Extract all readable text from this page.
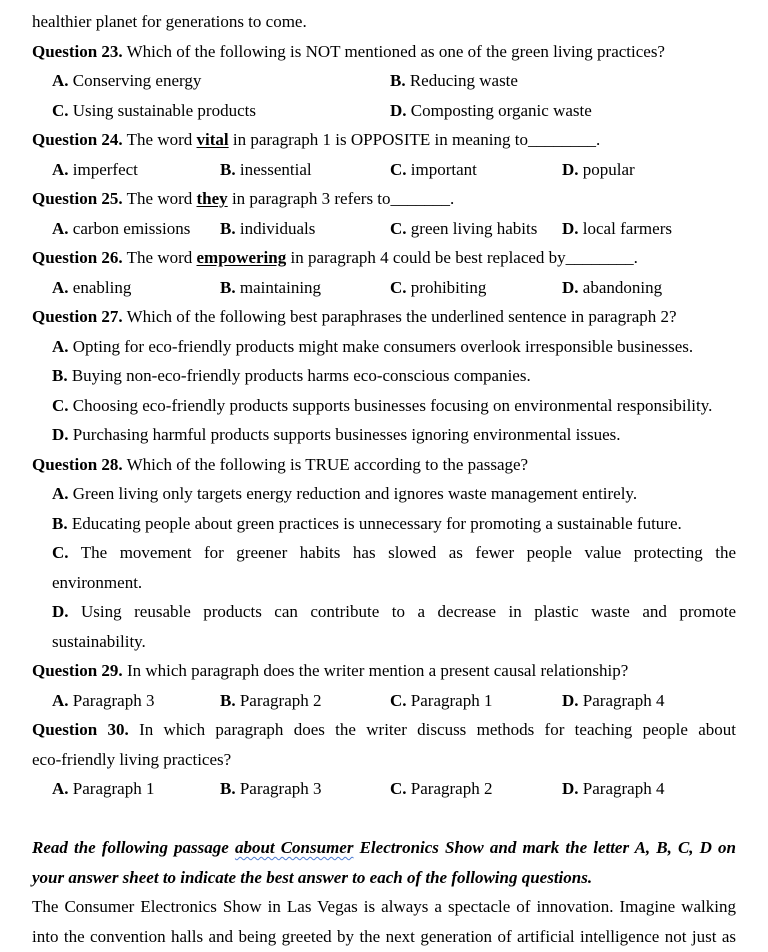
healthier planet for generations to come.
Question 23. Which of the following is NOT mentioned as one of the green living practices?
A. Conserving energy	B. Reducing waste
C. Using sustainable products	D. Composting organic waste
Question 24. The word vital in paragraph 1 is OPPOSITE in meaning to________.
A. imperfect	B. inessential	C. important	D. popular
Question 25. The word they in paragraph 3 refers to_______.
A. carbon emissions B. individuals	C. green living habits D. local farmers
Question 26. The word empowering in paragraph 4 could be best replaced by________.
A. enabling	B. maintaining	C. prohibiting	D. abandoning
Question 27. Which of the following best paraphrases the underlined sentence in paragraph 2?
A. Opting for eco-friendly products might make consumers overlook irresponsible businesses.
B. Buying non-eco-friendly products harms eco-conscious companies.
C. Choosing eco-friendly products supports businesses focusing on environmental responsibility.
D. Purchasing harmful products supports businesses ignoring environmental issues.
Question 28. Which of the following is TRUE according to the passage?
A. Green living only targets energy reduction and ignores waste management entirely.
B. Educating people about green practices is unnecessary for promoting a sustainable future.
C. The movement for greener habits has slowed as fewer people value protecting the
environment.
D. Using reusable products can contribute to a decrease in plastic waste and promote
sustainability.
Question 29. In which paragraph does the writer mention a present causal relationship?
A. Paragraph 3	B. Paragraph 2	C. Paragraph 1	D. Paragraph 4
Question 30. In which paragraph does the writer discuss methods for teaching people about
eco-friendly living practices?
A. Paragraph 1	B. Paragraph 3	C. Paragraph 2	D. Paragraph 4
Read the following passage about Consumer Electronics Show and mark the letter A, B, C, D on
your answer sheet to indicate the best answer to each of the following questions.
The Consumer Electronics Show in Las Vegas is always a spectacle of innovation. Imagine walking
into the convention halls and being greeted by the next generation of artificial intelligence not just as
